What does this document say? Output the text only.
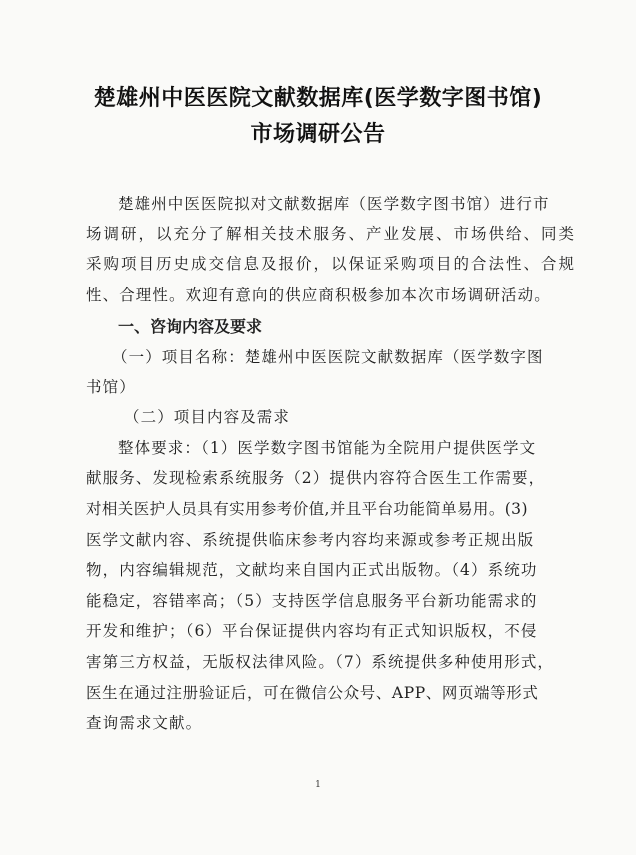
楚雄州中医医院文献数据库(医学数字图书馆)
市场调研公告
楚雄州中医医院拟对文献数据库（医学数字图书馆）进行市
场调研，以充分了解相关技术服务、产业发展、市场供给、同类
采购项目历史成交信息及报价，以保证采购项目的合法性、合规
性、合理性。欢迎有意向的供应商积极参加本次市场调研活动。
一、咨询内容及要求
（一）项目名称：楚雄州中医医院文献数据库（医学数字图
书馆）
（二）项目内容及需求
整体要求：（1）医学数字图书馆能为全院用户提供医学文
献服务、发现检索系统服务（2）提供内容符合医生工作需要，
对相关医护人员具有实用参考价值,并且平台功能简单易用。(3)
医学文献内容、系统提供临床参考内容均来源或参考正规出版
物，内容编辑规范，文献均来自国内正式出版物。（4）系统功
能稳定，容错率高；（5）支持医学信息服务平台新功能需求的
开发和维护；（6）平台保证提供内容均有正式知识版权，不侵
害第三方权益，无版权法律风险。（7）系统提供多种使用形式，
医生在通过注册验证后，可在微信公众号、APP、网页端等形式
查询需求文献。
1
